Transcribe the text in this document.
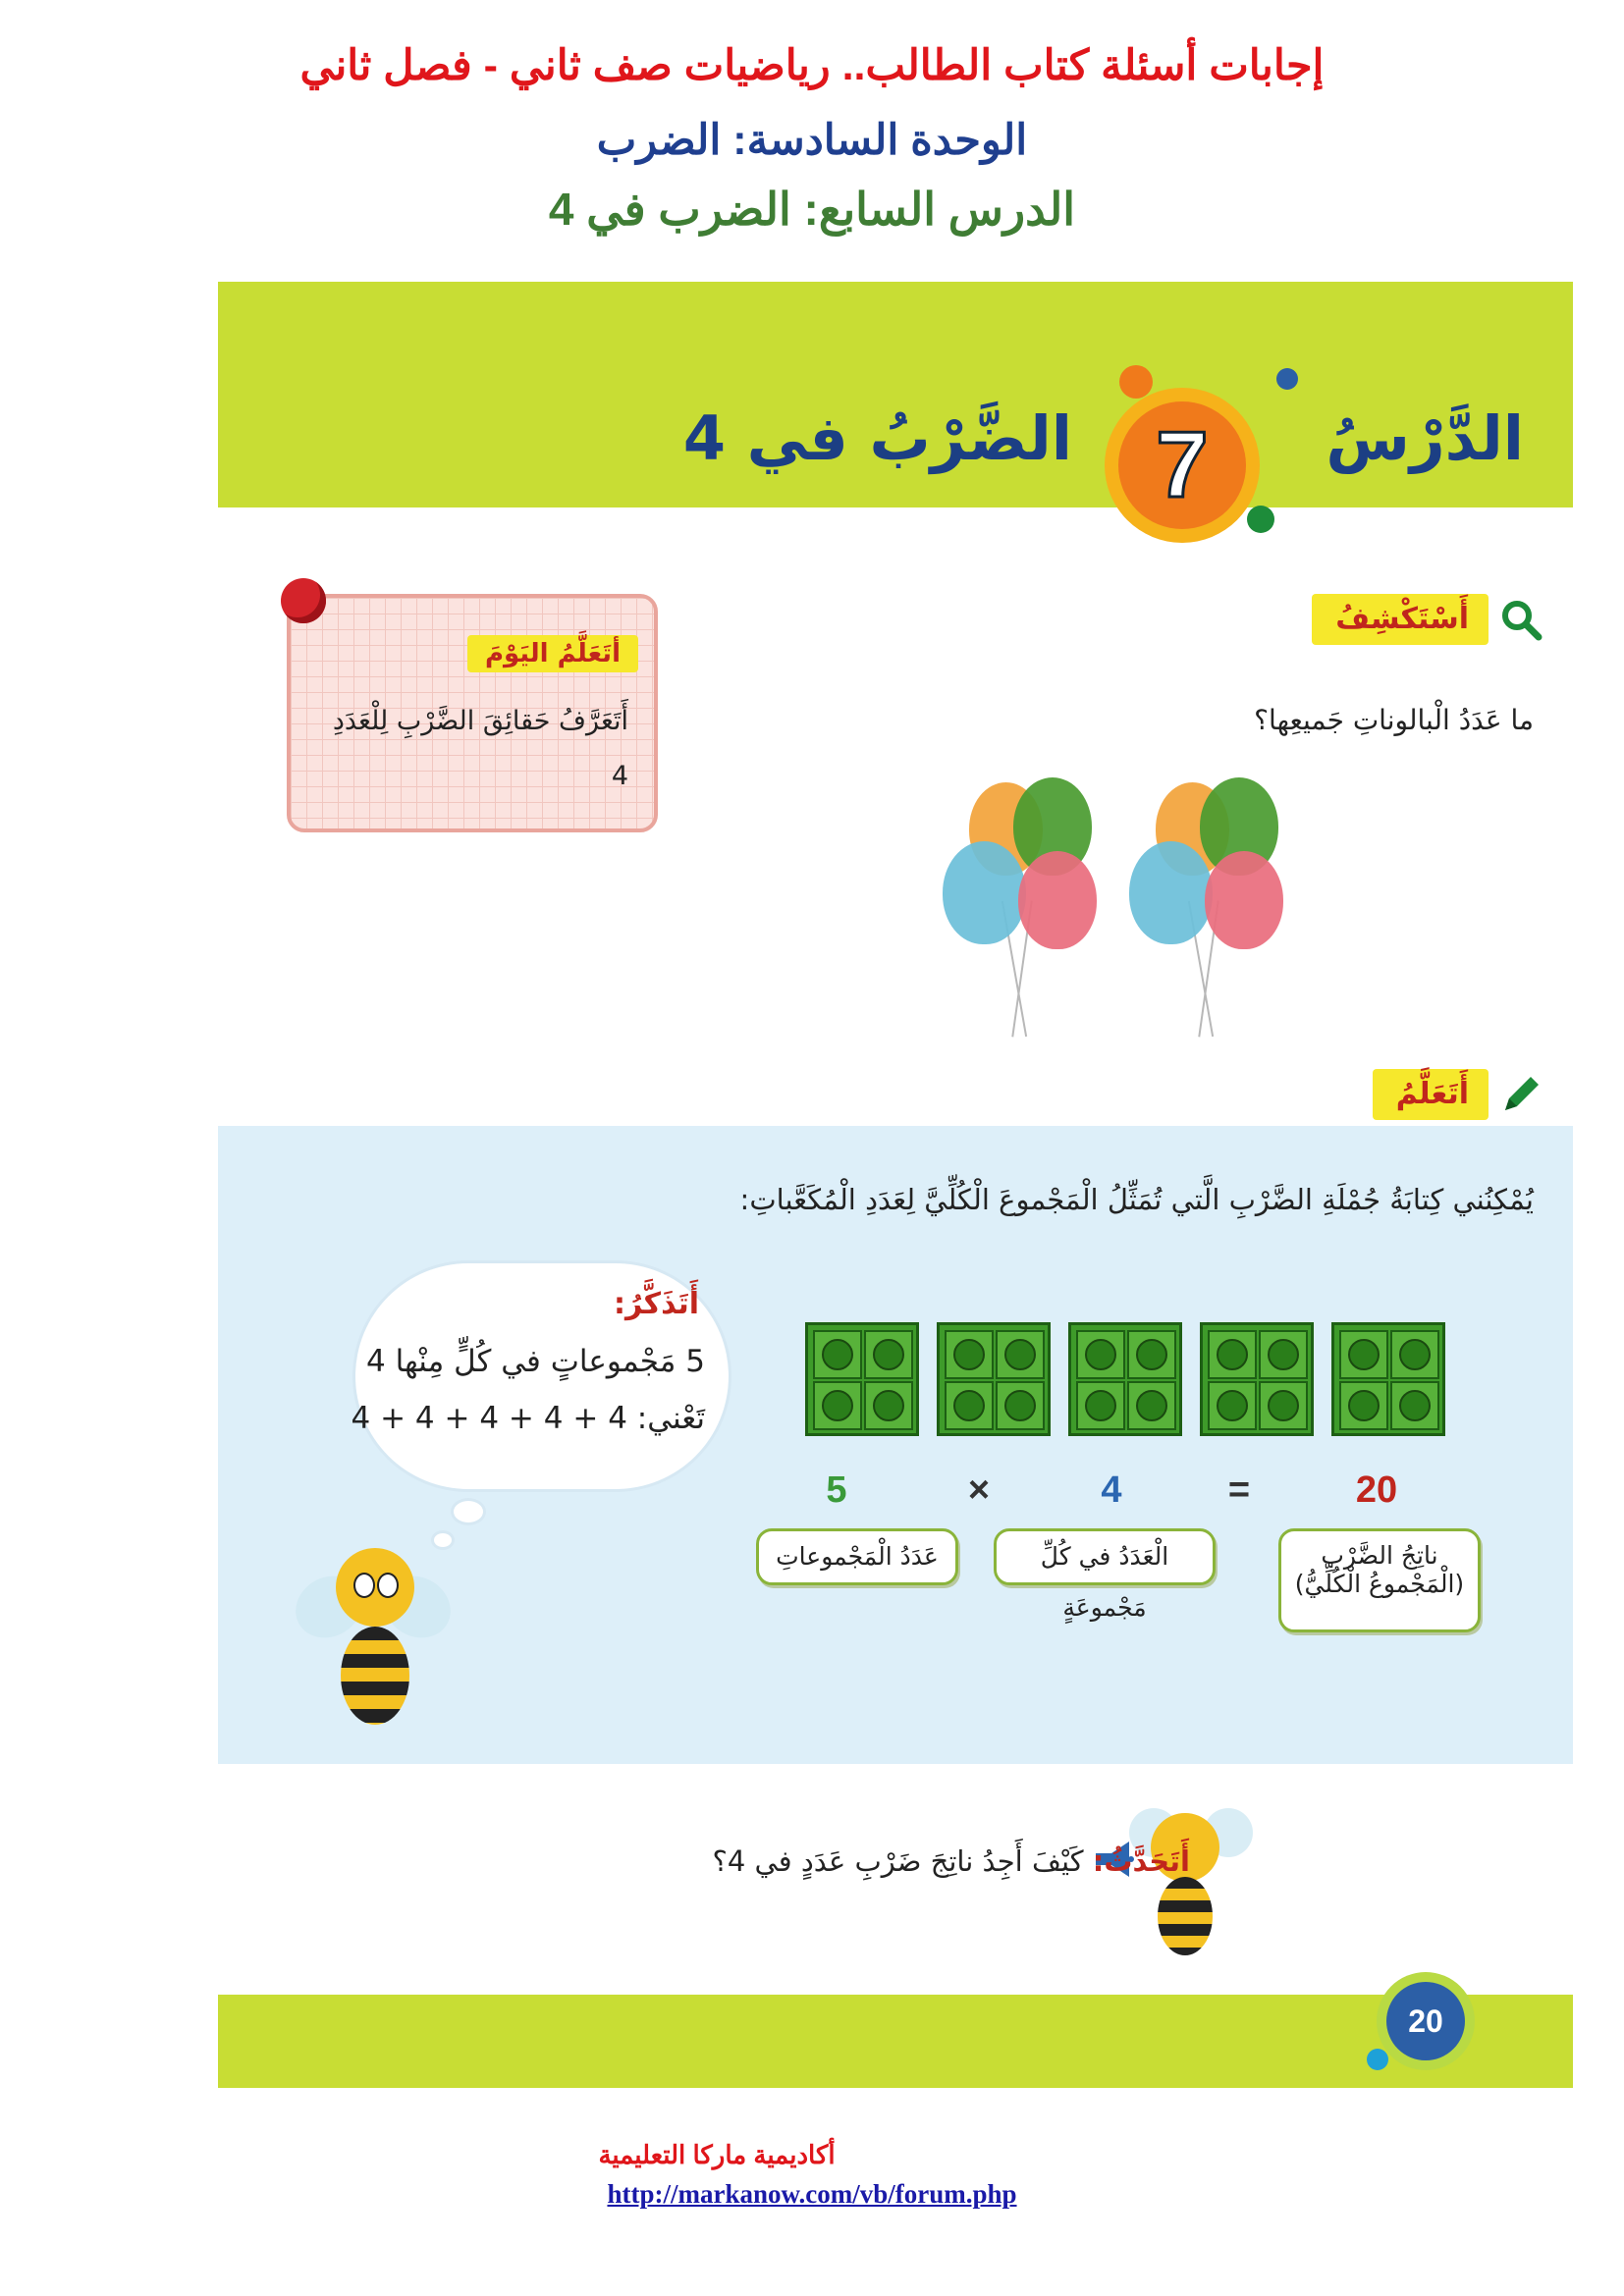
إجابات أسئلة كتاب الطالب.. رياضيات صف ثاني - فصل ثاني
الوحدة السادسة: الضرب
الدرس السابع: الضرب في 4
الدَّرْسُ
7
الضَّرْبُ في 4
أتَعَلَّمُ اليَوْمَ
أَتَعَرَّفُ حَقائِقَ الضَّرْبِ لِلْعَدَدِ 4
أَسْتَكْشِفُ
ما عَدَدُ الْبالوناتِ جَميعِها؟
أَتَعَلَّمُ
يُمْكِنُني كِتابَةُ جُمْلَةِ الضَّرْبِ الَّتي تُمَثِّلُ الْمَجْموعَ الْكُلِّيَّ لِعَدَدِ الْمُكَعَّباتِ:
5	×	4	=	20
عَدَدُ الْمَجْموعاتِ	الْعَدَدُ في كُلِّ مَجْموعَةٍ
ناتِجُ الضَّرْبِ
(الْمَجْموعُ الْكُلِّيُّ)
أَتَذَكَّرُ:
5 مَجْموعاتٍ في كُلٍّ مِنْها 4
تَعْني: 4 + 4 + 4 + 4 + 4
أَتَحَدَّثُ: كَيْفَ أَجِدُ ناتِجَ ضَرْبِ عَدَدٍ في 4؟
20
أكاديمية ماركا التعليمية
http://markanow.com/vb/forum.php
